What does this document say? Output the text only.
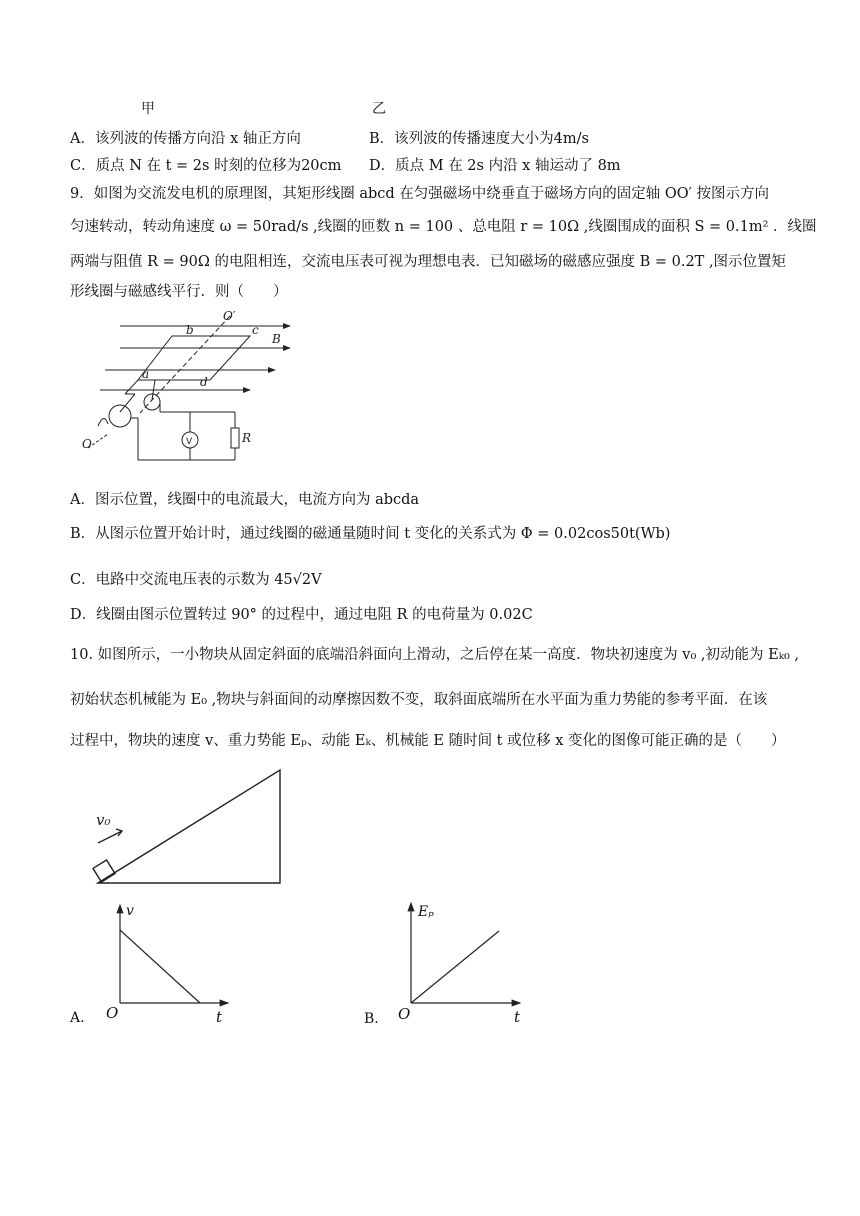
甲	乙
A．该列波的传播方向沿 x 轴正方向	B．该列波的传播速度大小为4m/s
C．质点 N 在 t = 2s 时刻的位移为20cm D．质点 M 在 2s 内沿 x 轴运动了 8m
9．如图为交流发电机的原理图，其矩形线圈 abcd 在匀强磁场中绕垂直于磁场方向的固定轴 OO′ 按图示方向
匀速转动，转动角速度 ω = 50rad/s ,线圈的匝数 n = 100 、总电阻 r = 10Ω ,线圈围成的面积 S = 0.1m² ．线圈
两端与阻值 R = 90Ω 的电阻相连，交流电压表可视为理想电表．已知磁场的磁感应强度 B = 0.2T ,图示位置矩
形线圈与磁感线平行．则（　　）
O′
b	c
B
a
d
O	R
V
A．图示位置，线圈中的电流最大，电流方向为 abcda
B．从图示位置开始计时，通过线圈的磁通量随时间 t 变化的关系式为 Φ = 0.02cos50t(Wb)
C．电路中交流电压表的示数为 45√2V
D．线圈由图示位置转过 90° 的过程中，通过电阻 R 的电荷量为 0.02C
10. 如图所示，一小物块从固定斜面的底端沿斜面向上滑动，之后停在某一高度．物块初速度为 v₀ ,初动能为 Eₖ₀ ,
初始状态机械能为 E₀ ,物块与斜面间的动摩擦因数不变，取斜面底端所在水平面为重力势能的参考平面．在该
过程中，物块的速度 v、重力势能 Eₚ、动能 Eₖ、机械能 E 随时间 t 或位移 x 变化的图像可能正确的是（　　）
v₀
A. O
v
t	B. O
Eₚ
t
